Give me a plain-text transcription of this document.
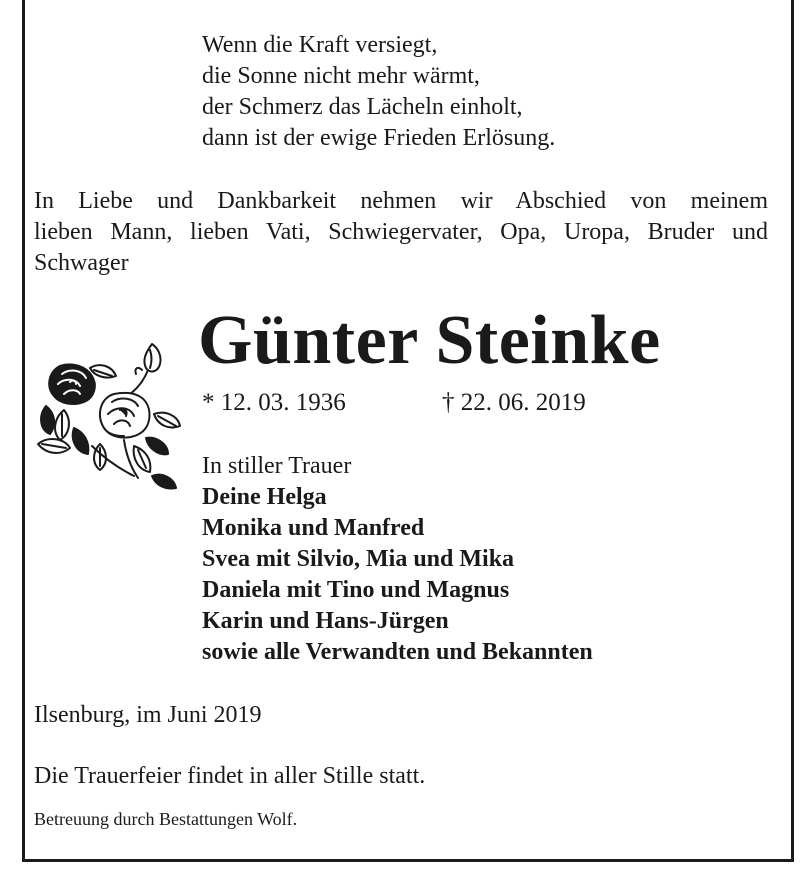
Wenn die Kraft versiegt,
die Sonne nicht mehr wärmt,
der Schmerz das Lächeln einholt,
dann ist der ewige Frieden Erlösung.
In Liebe und Dankbarkeit nehmen wir Abschied von meinem
lieben Mann, lieben Vati, Schwiegervater, Opa, Uropa, Bruder und
Schwager
Günter Steinke
* 12. 03. 1936	† 22. 06. 2019
In stiller Trauer
Deine Helga
Monika und Manfred
Svea mit Silvio, Mia und Mika
Daniela mit Tino und Magnus
Karin und Hans-Jürgen
sowie alle Verwandten und Bekannten
Ilsenburg, im Juni 2019
Die Trauerfeier findet in aller Stille statt.
Betreuung durch Bestattungen Wolf.
